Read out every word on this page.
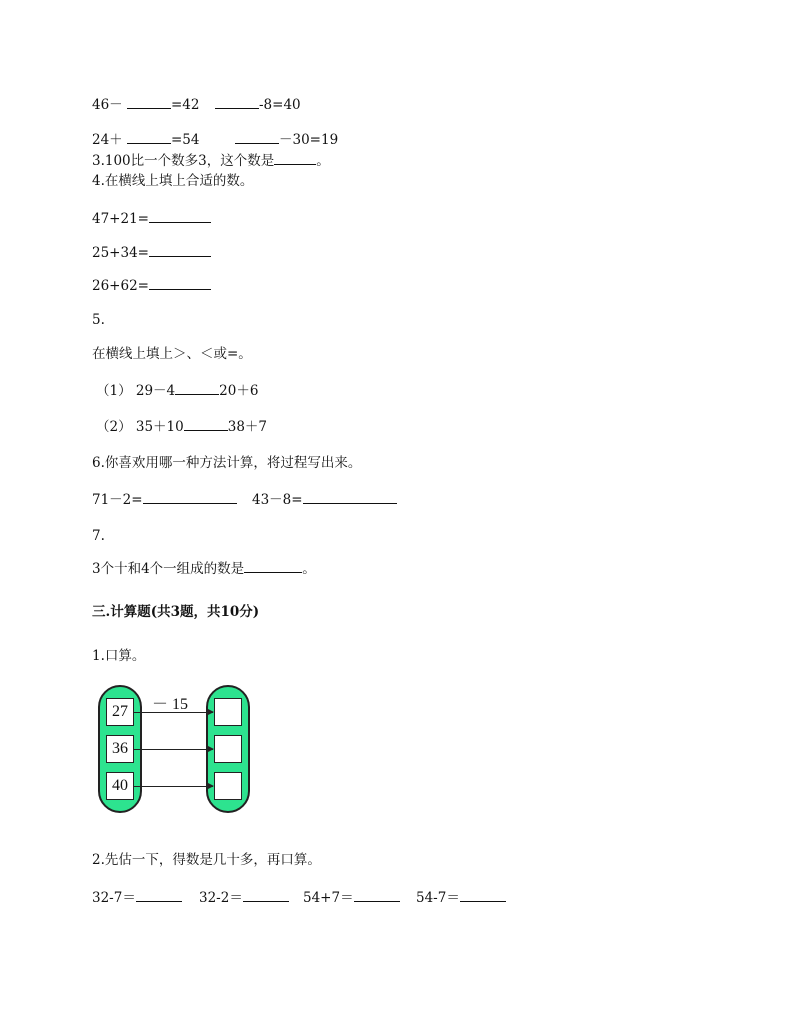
46－	=42	-8=40
24＋	=54	－30=19
3.100比一个数多3，这个数是	。
4.在横线上填上合适的数。
47+21=
25+34=
26+62=
5.
在横线上填上＞、＜或=。
（1） 29－4	20＋6
（2） 35＋10	38＋7
6.你喜欢用哪一种方法计算，将过程写出来。
71－2=	43－8=
7.
3个十和4个一组成的数是	。
三.计算题(共3题，共10分)
1.口算。
27
36
40
－ 15
2.先估一下，得数是几十多，再口算。
32-7＝	32-2＝	54+7＝	54-7＝
